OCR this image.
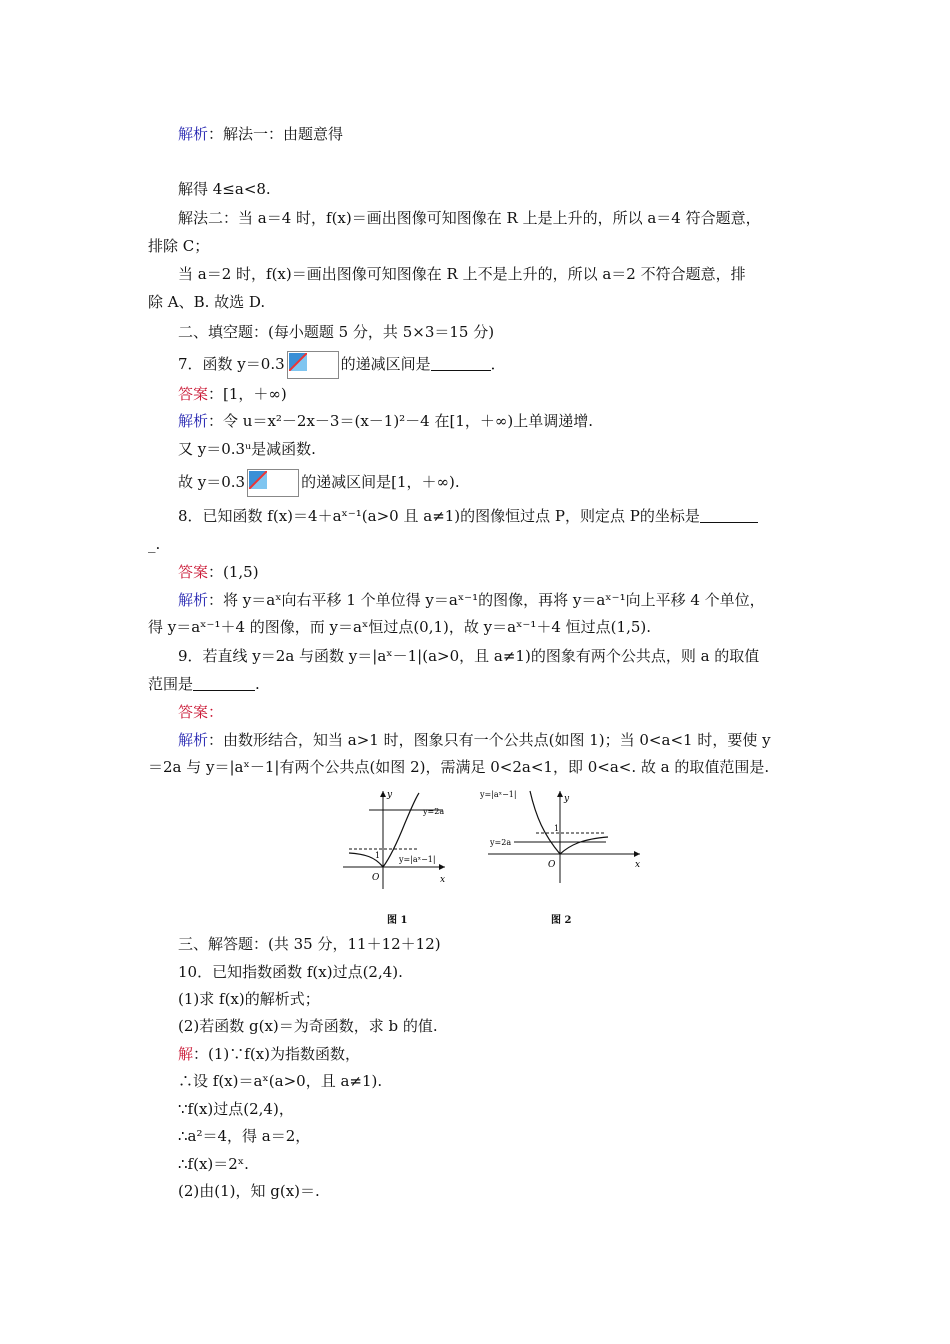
解析：解法一：由题意得
解得 4≤a<8.
解法二：当 a＝4 时，f(x)＝画出图像可知图像在 R 上是上升的，所以 a＝4 符合题意，
排除 C；
当 a＝2 时，f(x)＝画出图像可知图像在 R 上不是上升的，所以 a＝2 不符合题意，排
除 A、B. 故选 D.
二、填空题：(每小题题 5 分，共 5×3＝15 分)
7．函数 y＝0.3	的递减区间是	．
答案：[1，＋∞)
解析：令 u＝x²－2x－3＝(x－1)²－4 在[1，＋∞)上单调递增.
又 y＝0.3ᵘ是减函数.
故 y＝0.3	的递减区间是[1，＋∞).
8．已知函数 f(x)＝4＋aˣ⁻¹(a>0 且 a≠1)的图像恒过点 P，则定点 P的坐标是
_.
答案：(1,5)
解析：将 y＝aˣ向右平移 1 个单位得 y＝aˣ⁻¹的图像，再将 y＝aˣ⁻¹向上平移 4 个单位，
得 y＝aˣ⁻¹＋4 的图像，而 y＝aˣ恒过点(0,1)，故 y＝aˣ⁻¹＋4 恒过点(1,5).
9．若直线 y＝2a 与函数 y＝|aˣ－1|(a>0，且 a≠1)的图象有两个公共点，则 a 的取值
范围是	.
答案：
解析：由数形结合，知当 a>1 时，图象只有一个公共点(如图 1)；当 0<a<1 时，要使 y
＝2a 与 y＝|aˣ－1|有两个公共点(如图 2)，需满足 0<2a<1，即 0<a<. 故 a 的取值范围是.
y
x
O
1
y=2a
y=|aˣ−1|
图 1
y
x
O
1
y=2a
y=|aˣ−1|
图 2
三、解答题：(共 35 分，11＋12＋12)
10．已知指数函数 f(x)过点(2,4).
(1)求 f(x)的解析式；
(2)若函数 g(x)＝为奇函数，求 b 的值.
解：(1)∵f(x)为指数函数，
∴设 f(x)＝aˣ(a>0，且 a≠1).
∵f(x)过点(2,4)，
∴a²＝4，得 a＝2，
∴f(x)＝2ˣ.
(2)由(1)，知 g(x)＝.
